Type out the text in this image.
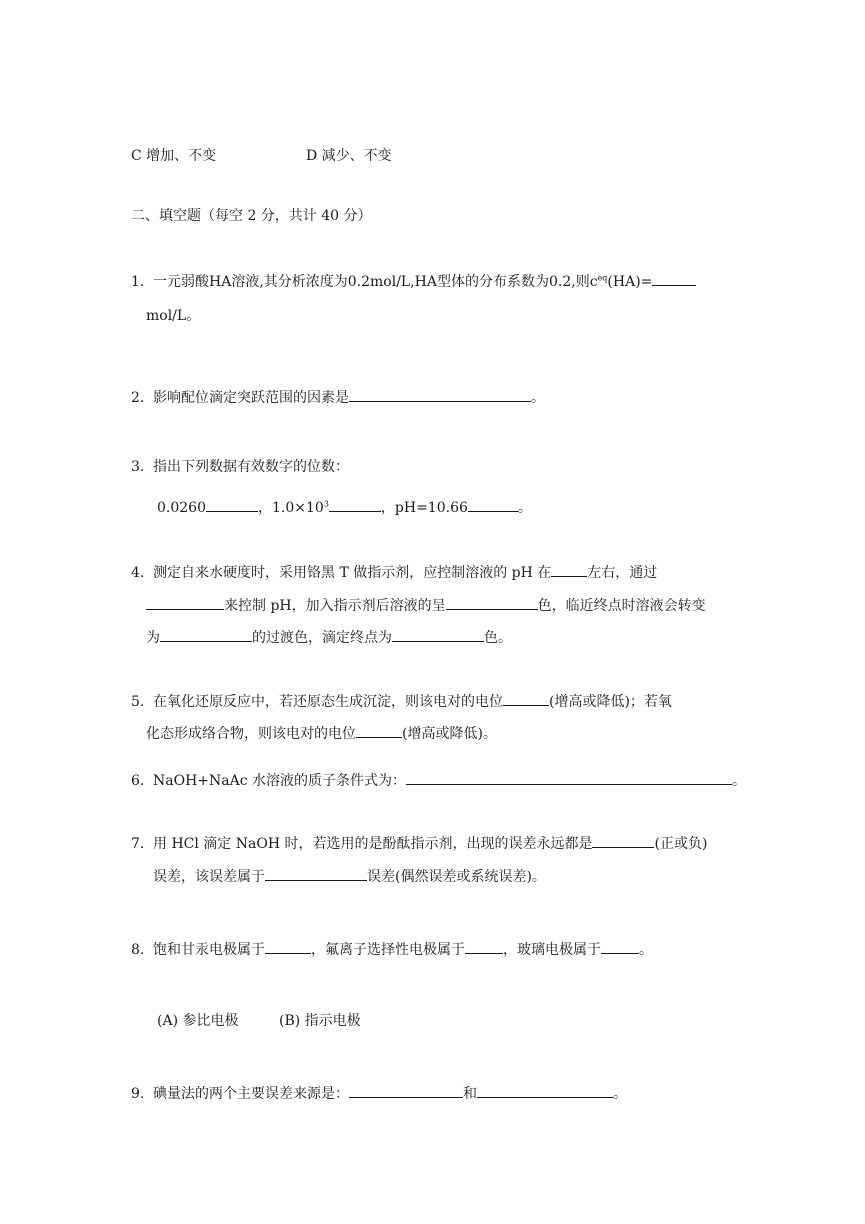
C 增加、不变	D 减少、不变
二、填空题（每空 2 分，共计 40 分）
1. 一元弱酸HA溶液,其分析浓度为0.2mol/L,HA型体的分布系数为0.2,则$c^{eq}(HA)=$
mol/L。
2. 影响配位滴定突跃范围的因素是	。
3. 指出下列数据有效数字的位数：
0.0260	，$1.0\times 10^3$	，pH=10.66	。
4. 测定自来水硬度时，采用铬黑 T 做指示剂，应控制溶液的 pH 在	左右，通过
来控制 pH，加入指示剂后溶液的呈	色，临近终点时溶液会转变
为	的过渡色，滴定终点为	色。
5. 在氧化还原反应中，若还原态生成沉淀，则该电对的电位	(增高或降低)；若氧
化态形成络合物，则该电对的电位	(增高或降低)。
6. NaOH+NaAc 水溶液的质子条件式为：	。
7. 用 HCl 滴定 NaOH 时，若选用的是酚酞指示剂，出现的误差永远都是	(正或负)
误差，该误差属于	误差(偶然误差或系统误差)。
8. 饱和甘汞电极属于	，氟离子选择性电极属于	，玻璃电极属于	。
(A) 参比电极	(B) 指示电极
9. 碘量法的两个主要误差来源是：	和	。
